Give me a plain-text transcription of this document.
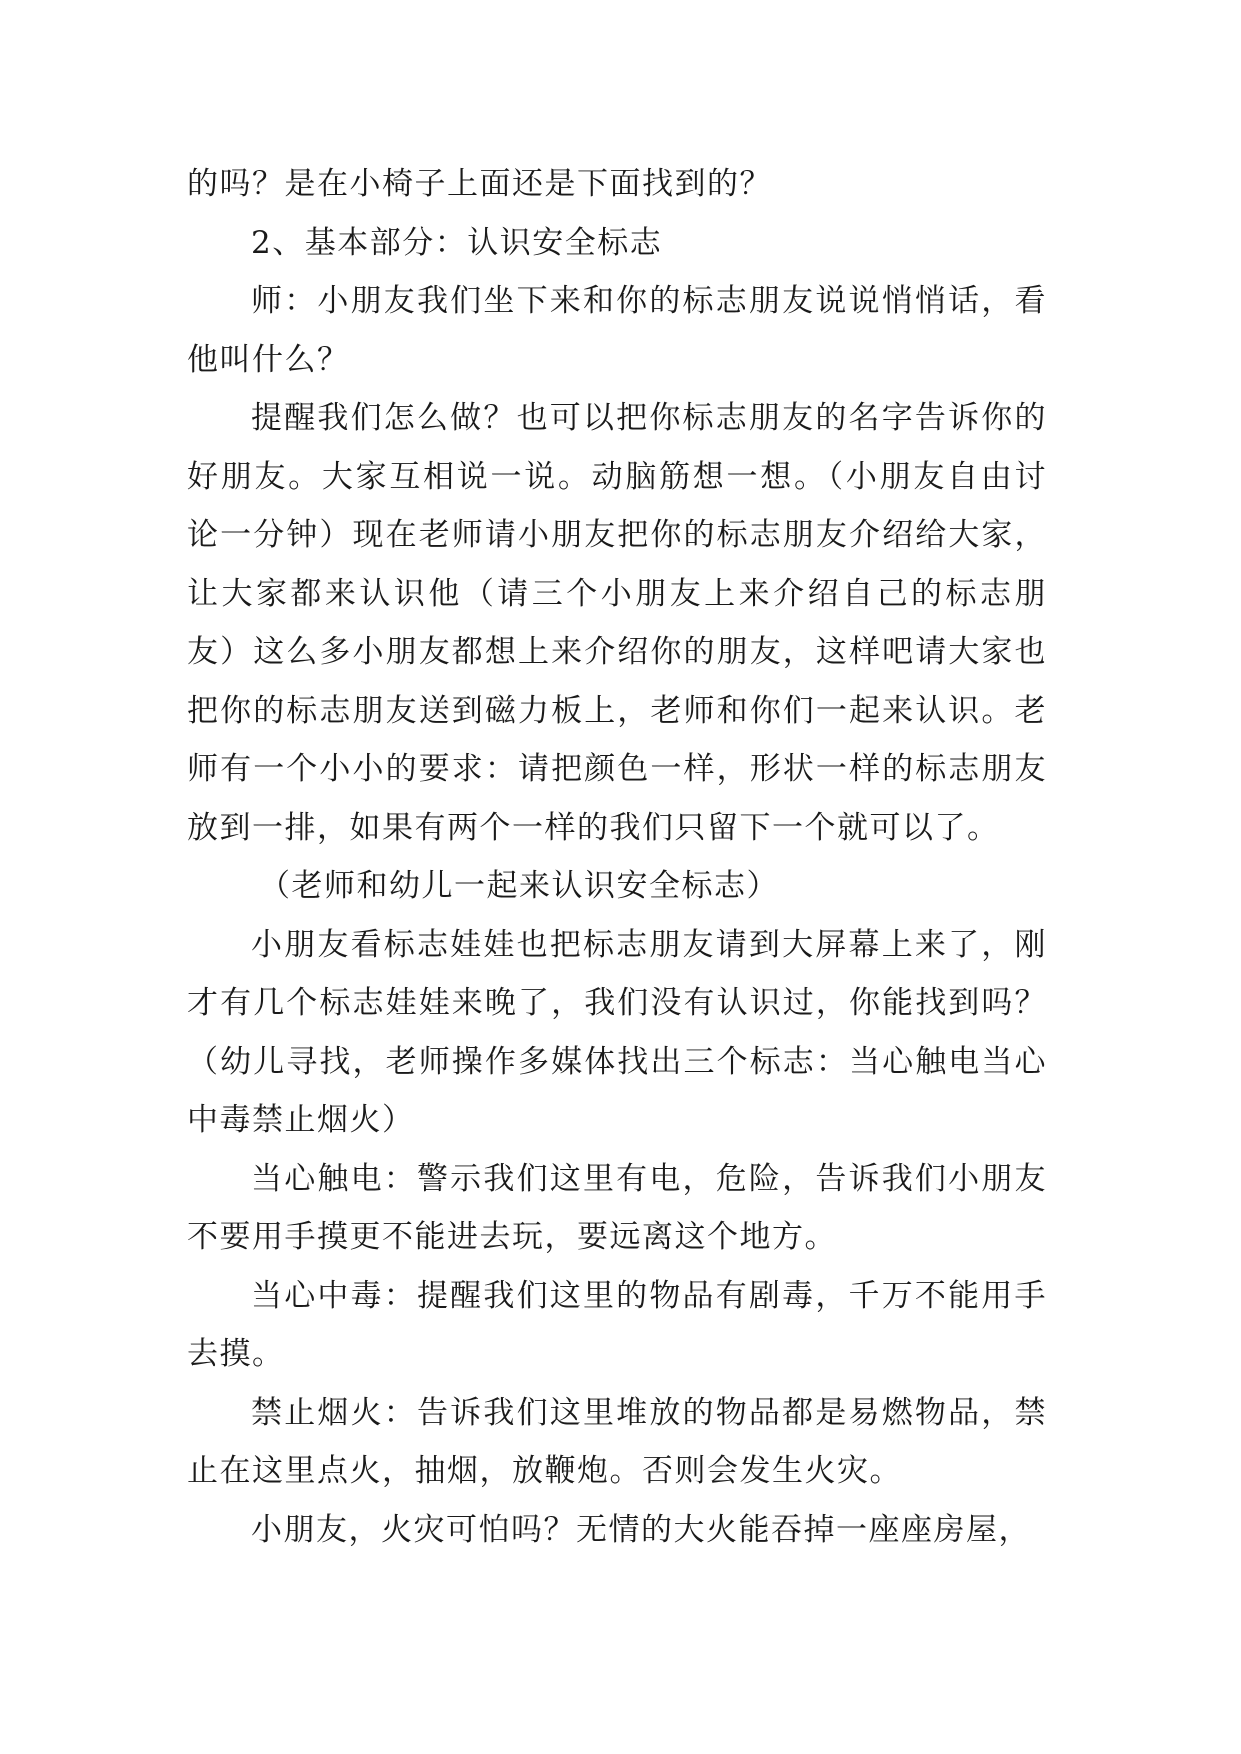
的吗？是在小椅子上面还是下面找到的？

2、基本部分：认识安全标志

师：小朋友我们坐下来和你的标志朋友说说悄悄话，看他叫什么？

提醒我们怎么做？也可以把你标志朋友的名字告诉你的好朋友。大家互相说一说。动脑筋想一想。（小朋友自由讨论一分钟）现在老师请小朋友把你的标志朋友介绍给大家，让大家都来认识他（请三个小朋友上来介绍自己的标志朋友）这么多小朋友都想上来介绍你的朋友，这样吧请大家也把你的标志朋友送到磁力板上，老师和你们一起来认识。老师有一个小小的要求：请把颜色一样，形状一样的标志朋友放到一排，如果有两个一样的我们只留下一个就可以了。

（老师和幼儿一起来认识安全标志）

小朋友看标志娃娃也把标志朋友请到大屏幕上来了，刚才有几个标志娃娃来晚了，我们没有认识过，你能找到吗？（幼儿寻找，老师操作多媒体找出三个标志：当心触电当心中毒禁止烟火）

当心触电：警示我们这里有电，危险，告诉我们小朋友不要用手摸更不能进去玩，要远离这个地方。

当心中毒：提醒我们这里的物品有剧毒，千万不能用手去摸。

禁止烟火：告诉我们这里堆放的物品都是易燃物品，禁止在这里点火，抽烟，放鞭炮。否则会发生火灾。

小朋友，火灾可怕吗？无情的大火能吞掉一座座房屋，
